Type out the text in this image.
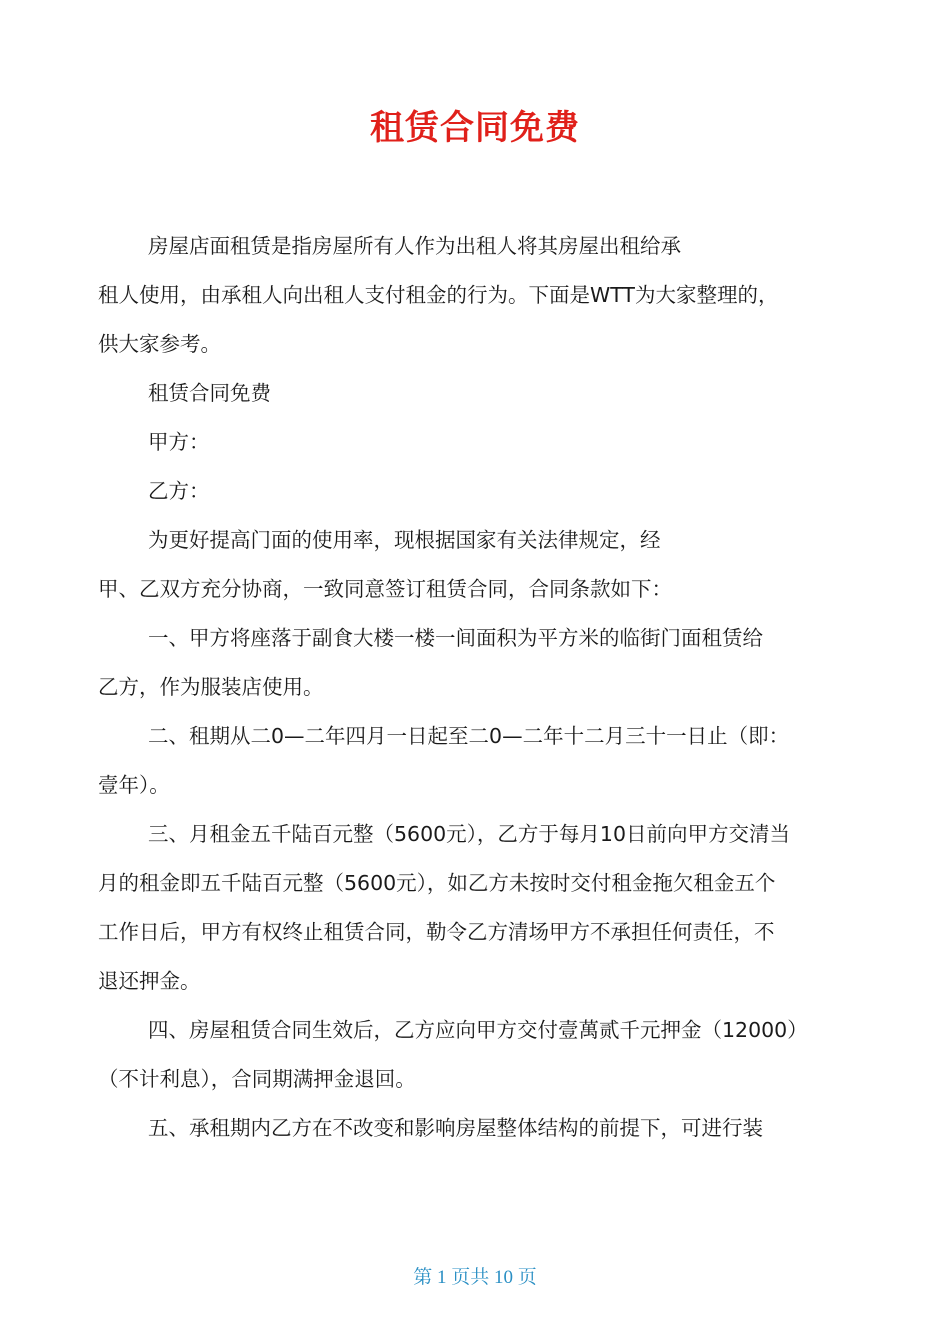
租赁合同免费
房屋店面租赁是指房屋所有人作为出租人将其房屋出租给承
租人使用，由承租人向出租人支付租金的行为。下面是WTT为大家整理的，
供大家参考。
租赁合同免费
甲方：
乙方：
为更好提高门面的使用率，现根据国家有关法律规定，经
甲、乙双方充分协商，一致同意签订租赁合同，合同条款如下：
一、甲方将座落于副食大楼一楼一间面积为平方米的临街门面租赁给
乙方，作为服装店使用。
二、租期从二0—二年四月一日起至二0—二年十二月三十一日止（即：
壹年）。
三、月租金五千陆百元整（5600元），乙方于每月10日前向甲方交清当
月的租金即五千陆百元整（5600元），如乙方未按时交付租金拖欠租金五个
工作日后，甲方有权终止租赁合同，勒令乙方清场甲方不承担任何责任，不
退还押金。
四、房屋租赁合同生效后，乙方应向甲方交付壹萬贰千元押金（12000）
（不计利息），合同期满押金退回。
五、承租期内乙方在不改变和影响房屋整体结构的前提下，可进行装
第 1 页共 10 页
